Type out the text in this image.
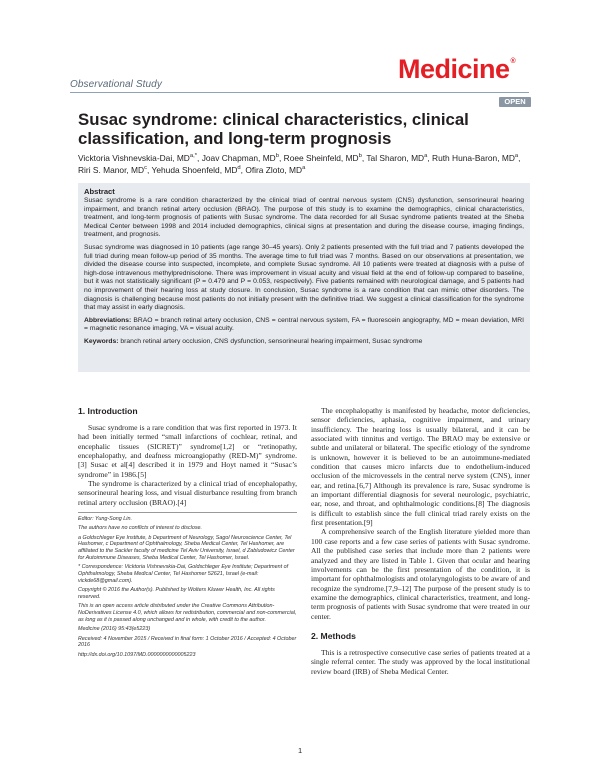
Observational Study
Medicine®
OPEN
Susac syndrome: clinical characteristics, clinical classification, and long-term prognosis
Vicktoria Vishnevskia-Dai, $MD^{a,*}$, Joav Chapman, $MD^b$, Roee Sheinfeld, $MD^b$, Tal Sharon, $MD^a$, Ruth Huna-Baron, $MD^a$, Riri S. Manor, $MD^c$, Yehuda Shoenfeld, $MD^d$, Ofira Zloto, $MD^a$
Abstract

Susac syndrome is a rare condition characterized by the clinical triad of central nervous system (CNS) dysfunction, sensorineural hearing impairment, and branch retinal artery occlusion (BRAO). The purpose of this study is to examine the demographics, clinical characteristics, treatment, and long-term prognosis of patients with Susac syndrome. The data recorded for all Susac syndrome patients treated at the Sheba Medical Center between 1998 and 2014 included demographics, clinical signs at presentation and during the disease course, imaging findings, treatment, and prognosis.

Susac syndrome was diagnosed in 10 patients (age range 30–45 years). Only 2 patients presented with the full triad and 7 patients developed the full triad during mean follow-up period of 35 months. The average time to full triad was 7 months. Based on our observations at presentation, we divided the disease course into suspected, incomplete, and complete Susac syndrome. All 10 patients were treated at diagnosis with a pulse of high-dose intravenous methylprednisolone. There was improvement in visual acuity and visual field at the end of follow-up compared to baseline, but it was not statistically significant (P = 0.479 and P = 0.053, respectively). Five patients remained with neurological damage, and 5 patients had no improvement of their hearing loss at study closure. In conclusion, Susac syndrome is a rare condition that can mimic other disorders. The diagnosis is challenging because most patients do not initially present with the definitive triad. We suggest a clinical classification for the syndrome that may assist in early diagnosis.

Abbreviations: BRAO = branch retinal artery occlusion, CNS = central nervous system, FA = fluorescein angiography, MD = mean deviation, MRI = magnetic resonance imaging, VA = visual acuity.

Keywords: branch retinal artery occlusion, CNS dysfunction, sensorineural hearing impairment, Susac syndrome

1. Introduction

Susac syndrome is a rare condition that was first reported in 1973. It had been initially termed “small infarctions of cochlear, retinal, and encephalic tissues (SICRET)” syndrome[1,2] or “retinopathy, encephalopathy, and deafness microangiopathy (RED-M)” syndrome.[3] Susac et al[4] described it in 1979 and Hoyt named it “Susac’s syndrome” in 1986.[5]

The syndrome is characterized by a clinical triad of encephalopathy, sensorineural hearing loss, and visual disturbance resulting from branch retinal artery occlusion (BRAO).[4]

Editor: Yung-Song Lin.

The authors have no conflicts of interest to disclose.

a Goldschleger Eye Institute, b Department of Neurology, Sagol Neuroscience Center, Tel Hashomer, c Department of Ophthalmology, Sheba Medical Center, Tel Hashomer, are affiliated to the Sackler faculty of medicine Tel Aviv University, Israel, d Zabludowicz Center for Autoimmune Diseases, Sheba Medical Center, Tel Hashomer, Israel.

* Correspondence: Vicktoria Vishnevskia-Dai, Goldschleger Eye Institute; Department of Ophthalmology, Sheba Medical Center, Tel Hashomer 52621, Israel (e-mail: vickde68@gmail.com).

Copyright © 2016 the Author(s). Published by Wolters Kluwer Health, Inc. All rights reserved.

This is an open access article distributed under the Creative Commons Attribution-NoDerivatives License 4.0, which allows for redistribution, commercial and non-commercial, as long as it is passed along unchanged and in whole, with credit to the author.

Medicine (2016) 95:43(e5223)

Received: 4 November 2015 / Received in final form: 1 October 2016 / Accepted: 4 October 2016

http://dx.doi.org/10.1097/MD.0000000000005223

The encephalopathy is manifested by headache, motor deficiencies, sensor deficiencies, aphasia, cognitive impairment, and urinary insufficiency. The hearing loss is usually bilateral, and it can be associated with tinnitus and vertigo. The BRAO may be extensive or subtle and unilateral or bilateral. The specific etiology of the syndrome is unknown, however it is believed to be an autoimmune-mediated condition that causes micro infarcts due to endothelium-induced occlusion of the microvessels in the central nerve system (CNS), inner ear, and retina.[6,7] Although its prevalence is rare, Susac syndrome is an important differential diagnosis for several neurologic, psychiatric, ear, nose, and throat, and ophthalmologic conditions.[8] The diagnosis is difficult to establish since the full clinical triad rarely exists on the first presentation.[9]

A comprehensive search of the English literature yielded more than 100 case reports and a few case series of patients with Susac syndrome. All the published case series that include more than 2 patients were analyzed and they are listed in Table 1. Given that ocular and hearing involvements can be the first presentation of the condition, it is important for ophthalmologists and otolaryngologists to be aware of and recognize the syndrome.[7,9–12] The purpose of the present study is to examine the demographics, clinical characteristics, treatment, and long-term prognosis of patients with Susac syndrome that were treated in our center.

2. Methods

This is a retrospective consecutive case series of patients treated at a single referral center. The study was approved by the local institutional review board (IRB) of Sheba Medical Center.

1
